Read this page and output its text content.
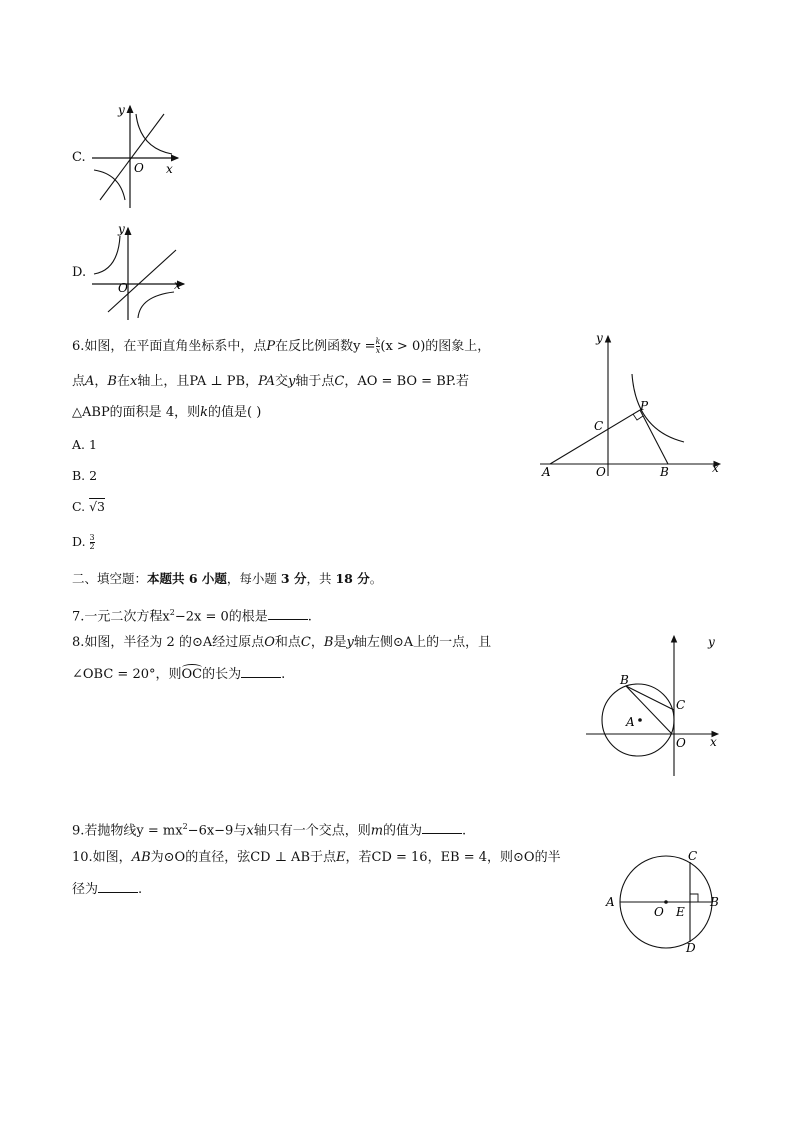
C.
y
x
O
D.
y
x
O
6.如图，在平面直角坐标系中，点P在反比例函数$y = \frac{k}{x} (x > 0)$的图象上，
点A，B在x轴上，且PA ⊥ PB，PA交y轴于点C，AO = BO = BP.若
△ABP的面积是 4，则k的值是( )
A. 1
B. 2
C. √3
D. $\frac{3}{2}$
y
x
A	O	B
C
P
二、填空题：本题共 6 小题，每小题 3 分，共 18 分。
7.一元二次方程$x^2-2x = 0$的根是	.
8.如图，半径为 2 的⊙A经过原点O和点C，B是y轴左侧⊙A上的一点，且
∠OBC = 20°，则
OC的长为	.
y
x
B
C
A
O
9.若抛物线$y = mx^2-6x-9$与x轴只有一个交点，则m的值为	.
10.如图，AB为⊙O的直径，弦CD ⊥ AB于点E，若CD = 16，EB = 4，则⊙O的半
径为	.
A
O E
B
C
D
